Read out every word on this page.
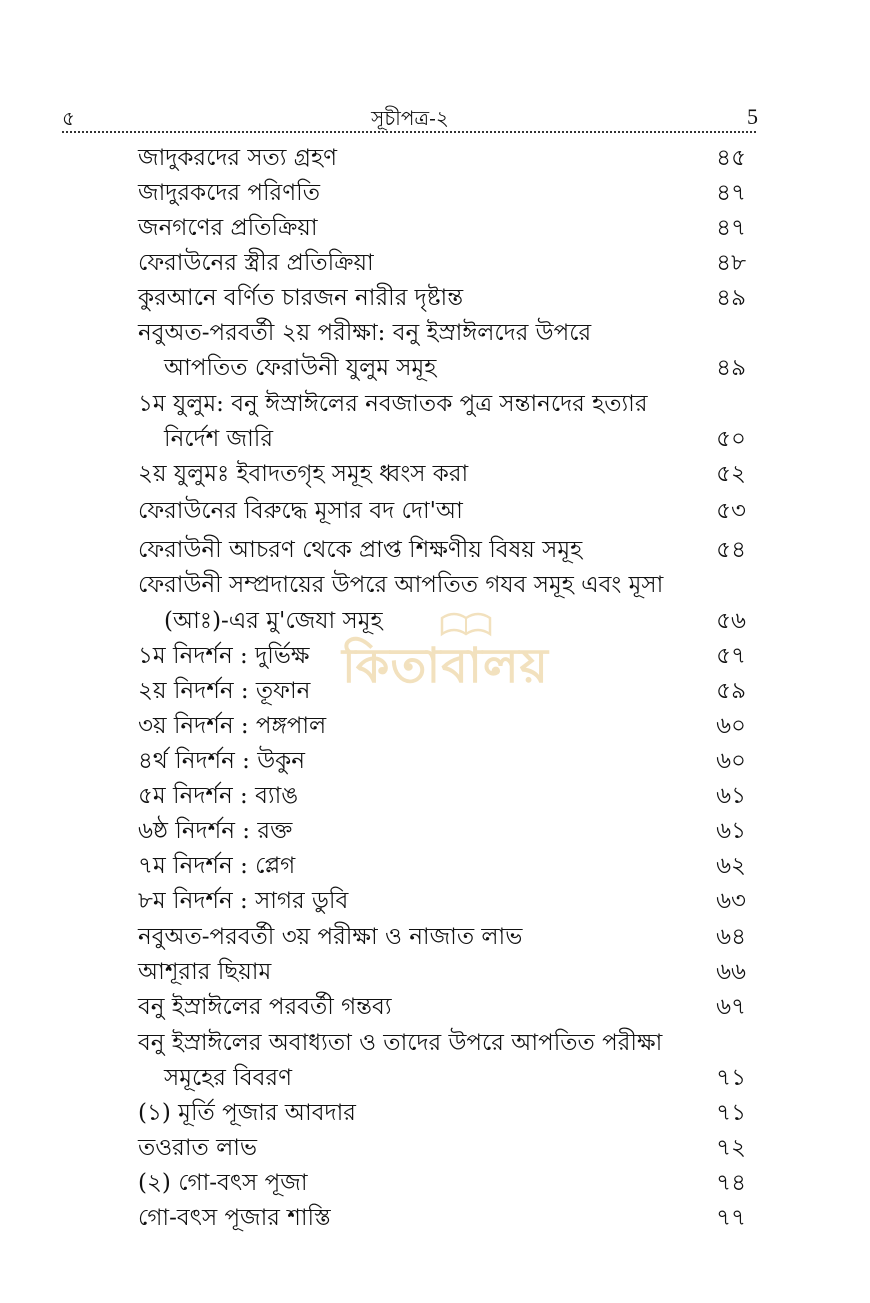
৫	সূচীপত্র-২	5
জাদুকরদের সত্য গ্রহণ	৪৫
জাদুরকদের পরিণতি	৪৭
জনগণের প্রতিক্রিয়া	৪৭
ফেরাউনের স্ত্রীর প্রতিক্রিয়া	৪৮
কুরআনে বর্ণিত চারজন নারীর দৃষ্টান্ত	৪৯
নবুঅত-পরবর্তী ২য় পরীক্ষা: বনু ইস্রাঈলদের উপরে
আপতিত ফেরাউনী যুলুম সমূহ	৪৯
১ম যুলুম: বনু ঈস্রাঈলের নবজাতক পুত্র সন্তানদের হত্যার
নির্দেশ জারি	৫০
২য় যুলুমঃ ইবাদতগৃহ সমূহ ধ্বংস করা	৫২
ফেরাউনের বিরুদ্ধে মূসার বদ দো'আ	৫৩
ফেরাউনী আচরণ থেকে প্রাপ্ত শিক্ষণীয় বিষয় সমূহ	৫৪
ফেরাউনী সম্প্রদায়ের উপরে আপতিত গযব সমূহ এবং মূসা
(আঃ)-এর মু'জেযা সমূহ	৫৬
১ম নিদর্শন : দুর্ভিক্ষ	৫৭
২য় নিদর্শন : তূফান	৫৯
৩য় নিদর্শন : পঙ্গপাল	৬০
৪র্থ নিদর্শন : উকুন	৬০
৫ম নিদর্শন : ব্যাঙ	৬১
৬ষ্ঠ নিদর্শন : রক্ত	৬১
৭ম নিদর্শন : প্লেগ	৬২
৮ম নিদর্শন : সাগর ডুবি	৬৩
নবুঅত-পরবর্তী ৩য় পরীক্ষা ও নাজাত লাভ	৬৪
আশূরার ছিয়াম	৬৬
বনু ইস্রাঈলের পরবর্তী গন্তব্য	৬৭
বনু ইস্রাঈলের অবাধ্যতা ও তাদের উপরে আপতিত পরীক্ষা
সমূহের বিবরণ	৭১
(১) মূর্তি পূজার আবদার	৭১
তওরাত লাভ	৭২
(২) গো-বৎস পূজা	৭৪
গো-বৎস পূজার শাস্তি	৭৭
কিতাবালয়
